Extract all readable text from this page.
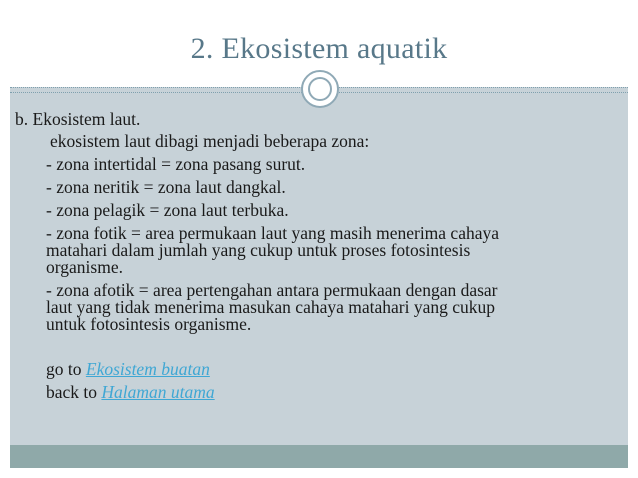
2. Ekosistem aquatik
b. Ekosistem laut.
ekosistem laut dibagi menjadi beberapa zona:
- zona intertidal = zona pasang surut.
- zona neritik = zona laut dangkal.
- zona pelagik = zona laut terbuka.
- zona fotik = area permukaan laut yang masih menerima cahaya
matahari dalam jumlah yang cukup untuk proses fotosintesis
organisme.
- zona afotik = area pertengahan antara permukaan dengan dasar
laut yang tidak menerima masukan cahaya matahari yang cukup
untuk fotosintesis organisme.
go to Ekosistem buatan
back to Halaman utama
